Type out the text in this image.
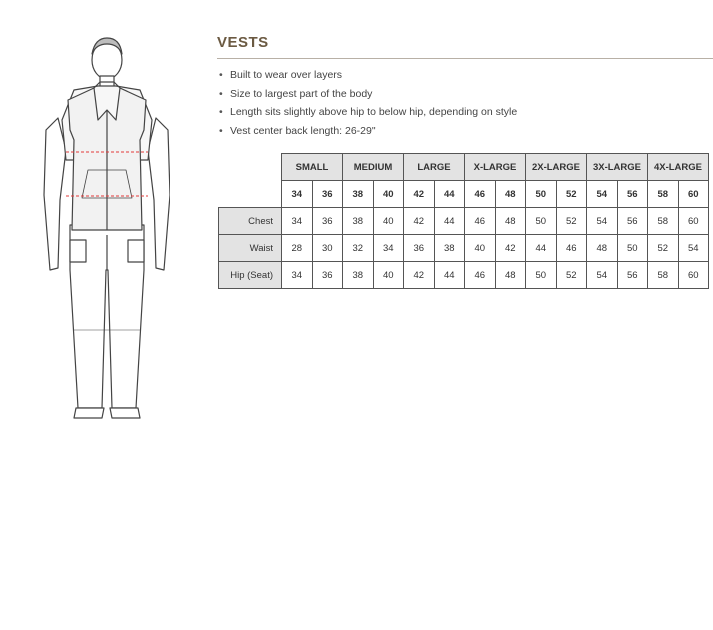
VESTS
• Built to wear over layers
• Size to largest part of the body
• Length sits slightly above hip to below hip, depending on style
• Vest center back length: 26-29"
	SMALL		MEDIUM		LARGE		X-LARGE		2X-LARGE		3X-LARGE		4X-LARGE	
	34	36	38	40	42	44	46	48	50	52	54	56	58	60
Chest	34	36	38	40	42	44	46	48	50	52	54	56	58	60
Waist	28	30	32	34	36	38	40	42	44	46	48	50	52	54
Hip (Seat)	34	36	38	40	42	44	46	48	50	52	54	56	58	60
